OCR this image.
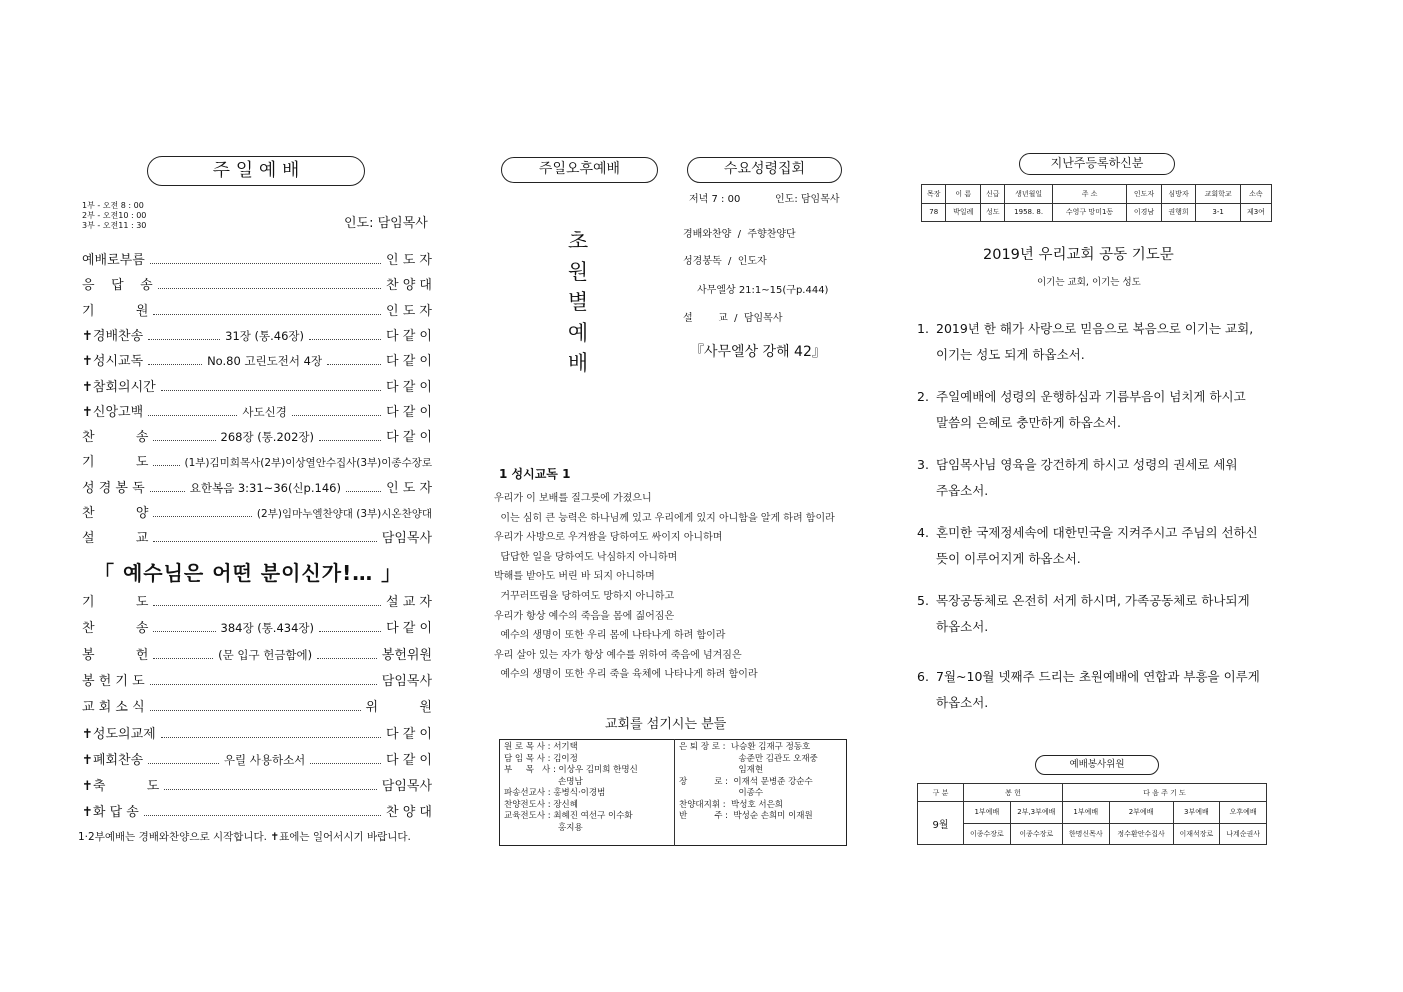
주 일 예 배
1부 - 오전 8 : 00
2부 - 오전10 : 00
3부 - 오전11 : 30	인도: 담임목사
예배로부름	인 도 자
응    답    송	찬 양 대
기          원	인 도 자
✝경배찬송	31장 (통.46장)	다 같 이
✝성시교독	No.80 고린도전서 4장	다 같 이
✝참회의시간	다 같 이
✝신앙고백	사도신경	다 같 이
찬          송	268장 (통.202장)	다 같 이
기          도	(1부)김미희목사(2부)이상열안수집사(3부)이종수장로
성 경 봉 독	요한복음 3:31~36(신p.146)	인 도 자
찬          양	(2부)임마누엘찬양대 (3부)시온찬양대
설          교	담임목사
「 예수님은 어떤 분이신가!… 」
기          도	설 교 자
찬          송	384장 (통.434장)	다 같 이
봉          헌	(문 입구 헌금함에)	봉헌위원
봉 헌 기 도	담임목사
교 회 소 식	위          원
✝성도의교제	다 같 이
✝폐회찬송	우릴 사용하소서	다 같 이
✝축          도	담임목사
✝화 답 송	찬 양 대
1·2부예배는 경배와찬양으로 시작합니다. ✝표에는 일어서시기 바랍니다.
주일오후예배	수요성령집회
초
원
별
예
배
저녁 7 : 00	인도: 담임목사
경배와찬양  /  주향찬양단
성경봉독  /  인도자
사무엘상 21:1~15(구p.444)
설        교  /  담임목사
『사무엘상 강해 42』
1 성시교독 1
우리가 이 보배를 질그릇에 가졌으니
이는 심히 큰 능력은 하나님께 있고 우리에게 있지 아니함을 알게 하려 함이라
우리가 사방으로 우겨쌈을 당하여도 싸이지 아니하며
답답한 일을 당하여도 낙심하지 아니하며
박해를 받아도 버린 바 되지 아니하며
거꾸러뜨림을 당하여도 망하지 아니하고
우리가 항상 예수의 죽음을 몸에 짊어짐은
예수의 생명이 또한 우리 몸에 나타나게 하려 함이라
우리 살아 있는 자가 항상 예수를 위하여 죽음에 넘겨짐은
예수의 생명이 또한 우리 죽을 육체에 나타나게 하려 함이라
교회를 섬기시는 분들
원 로 목 사 : 서기택
담 임 목 사 : 김이정
부     목   사 : 이상우 김미희 한명신
손명남
파송선교사 : 홍병식·이경범
찬양전도사 : 장신혜
교육전도사 : 최혜진 여선구 이수화
홍지용

은 퇴 장 로 :  나승환 김재구 정동호
송준만 김관도 오재중
임재현
장          로 :  이재석 문병준 강순수
이종수
찬양대지휘 :  박성호 서은희
반          주 :  박성순 손희미 이재원
지난주등록하신분
목장	이 름	신급	생년월일	주 소	인도자	심방자	교회학교	소속
78	박일례	성도	1958. 8.	수영구 망미1동	이경남	권행희	3-1	제3여
2019년 우리교회 공동 기도문
이기는 교회, 이기는 성도
1. 2019년 한 해가 사랑으로 믿음으로 복음으로 이기는 교회,
이기는 성도 되게 하옵소서.
2. 주일예배에 성령의 운행하심과 기름부음이 넘치게 하시고
말씀의 은혜로 충만하게 하옵소서.
3. 담임목사님 영육을 강건하게 하시고 성령의 권세로 세워
주옵소서.
4. 혼미한 국제정세속에 대한민국을 지켜주시고 주님의 선하신
뜻이 이루어지게 하옵소서.
5. 목장공동체로 온전히 서게 하시며, 가족공동체로 하나되게
하옵소서.
6. 7월~10월 넷째주 드리는 초원예배에 연합과 부흥을 이루게
하옵소서.
예배봉사위원
구 분	봉 헌		다 음 주 기 도			
9월	1부예배	2부,3부예배	1부예배	2부예배	3부예배	오후예배
	이종수장로	이종수장로	한명신목사	정수환안수집사	이재석장로	나계순권사
